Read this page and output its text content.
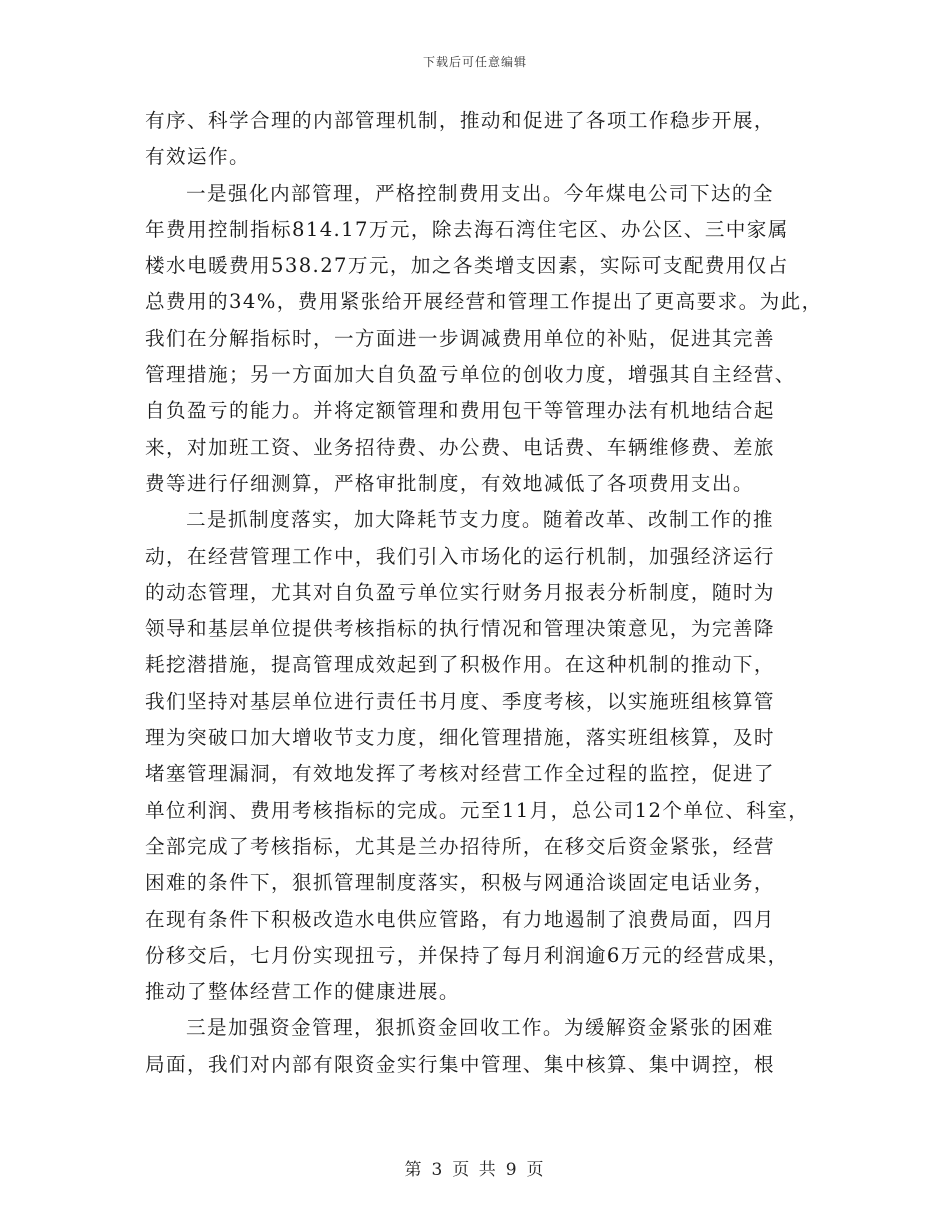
下载后可任意编辑
有序、科学合理的内部管理机制，推动和促进了各项工作稳步开展，
有效运作。
一是强化内部管理，严格控制费用支出。今年煤电公司下达的全
年费用控制指标814.17万元，除去海石湾住宅区、办公区、三中家属
楼水电暖费用538.27万元，加之各类增支因素，实际可支配费用仅占
总费用的34%，费用紧张给开展经营和管理工作提出了更高要求。为此，
我们在分解指标时，一方面进一步调减费用单位的补贴，促进其完善
管理措施；另一方面加大自负盈亏单位的创收力度，增强其自主经营、
自负盈亏的能力。并将定额管理和费用包干等管理办法有机地结合起
来，对加班工资、业务招待费、办公费、电话费、车辆维修费、差旅
费等进行仔细测算，严格审批制度，有效地减低了各项费用支出。
二是抓制度落实，加大降耗节支力度。随着改革、改制工作的推
动，在经营管理工作中，我们引入市场化的运行机制，加强经济运行
的动态管理，尤其对自负盈亏单位实行财务月报表分析制度，随时为
领导和基层单位提供考核指标的执行情况和管理决策意见，为完善降
耗挖潜措施，提高管理成效起到了积极作用。在这种机制的推动下，
我们坚持对基层单位进行责任书月度、季度考核，以实施班组核算管
理为突破口加大增收节支力度，细化管理措施，落实班组核算，及时
堵塞管理漏洞，有效地发挥了考核对经营工作全过程的监控，促进了
单位利润、费用考核指标的完成。元至11月，总公司12个单位、科室，
全部完成了考核指标，尤其是兰办招待所，在移交后资金紧张，经营
困难的条件下，狠抓管理制度落实，积极与网通洽谈固定电话业务，
在现有条件下积极改造水电供应管路，有力地遏制了浪费局面，四月
份移交后，七月份实现扭亏，并保持了每月利润逾6万元的经营成果，
推动了整体经营工作的健康进展。
三是加强资金管理，狠抓资金回收工作。为缓解资金紧张的困难
局面，我们对内部有限资金实行集中管理、集中核算、集中调控，根
第 3 页 共 9 页
